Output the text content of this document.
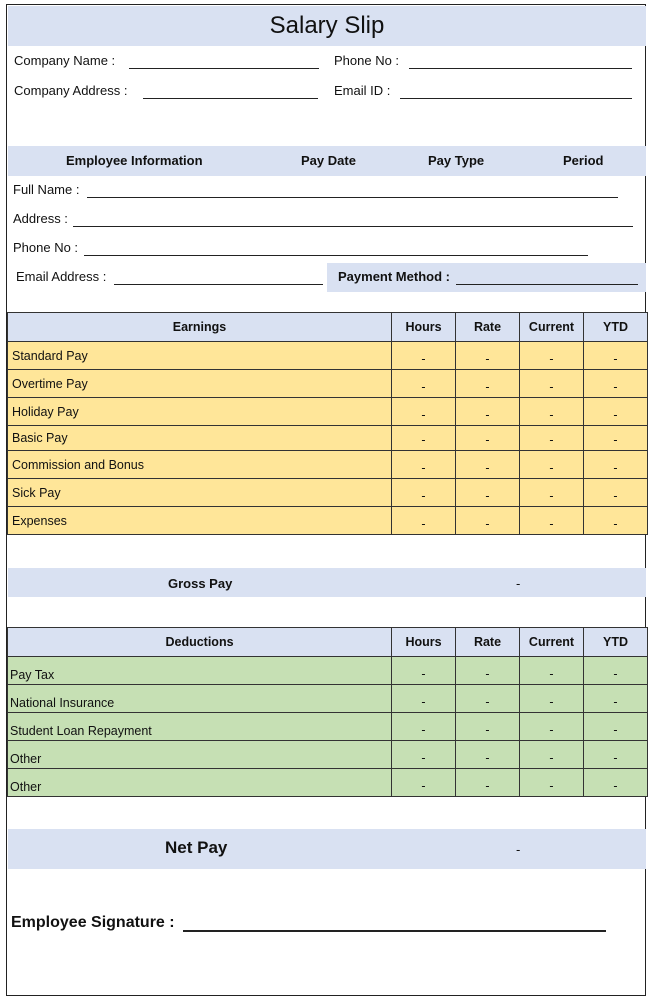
Salary Slip
Company Name :	Phone No :
Company Address :	Email ID :
Employee Information	Pay Date	Pay Type	Period
Full Name :
Address :
Phone No :
Email Address :	Payment Method :
Earnings	Hours	Rate	Current	YTD
Standard Pay	-	-	-	-
Overtime Pay	-	-	-	-
Holiday Pay	-	-	-	-
Basic Pay	-	-	-	-
Commission and Bonus	-	-	-	-
Sick Pay	-	-	-	-
Expenses	-	-	-	-
Gross Pay	-
Deductions	Hours	Rate	Current	YTD
Pay Tax	-	-	-	-
National Insurance	-	-	-	-
Student Loan Repayment	-	-	-	-
Other	-	-	-	-
Other	-	-	-	-
Net Pay	-
Employee Signature :
